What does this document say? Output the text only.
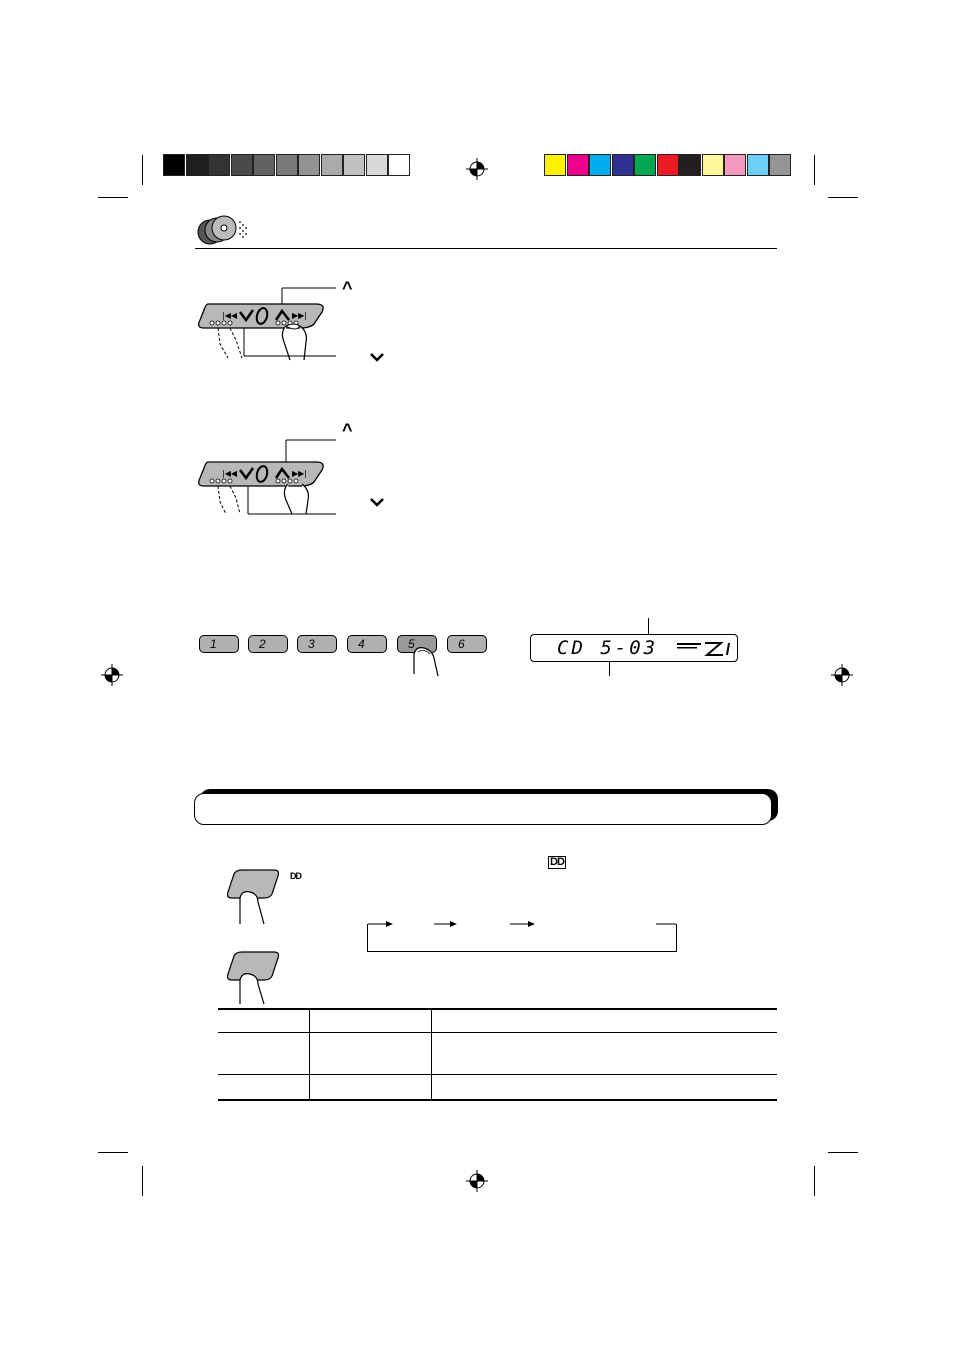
|◀◀	▶▶|
^
|◀◀	▶▶|
^
1	2	3	4	5	6	CD 5-03
DD
DD
